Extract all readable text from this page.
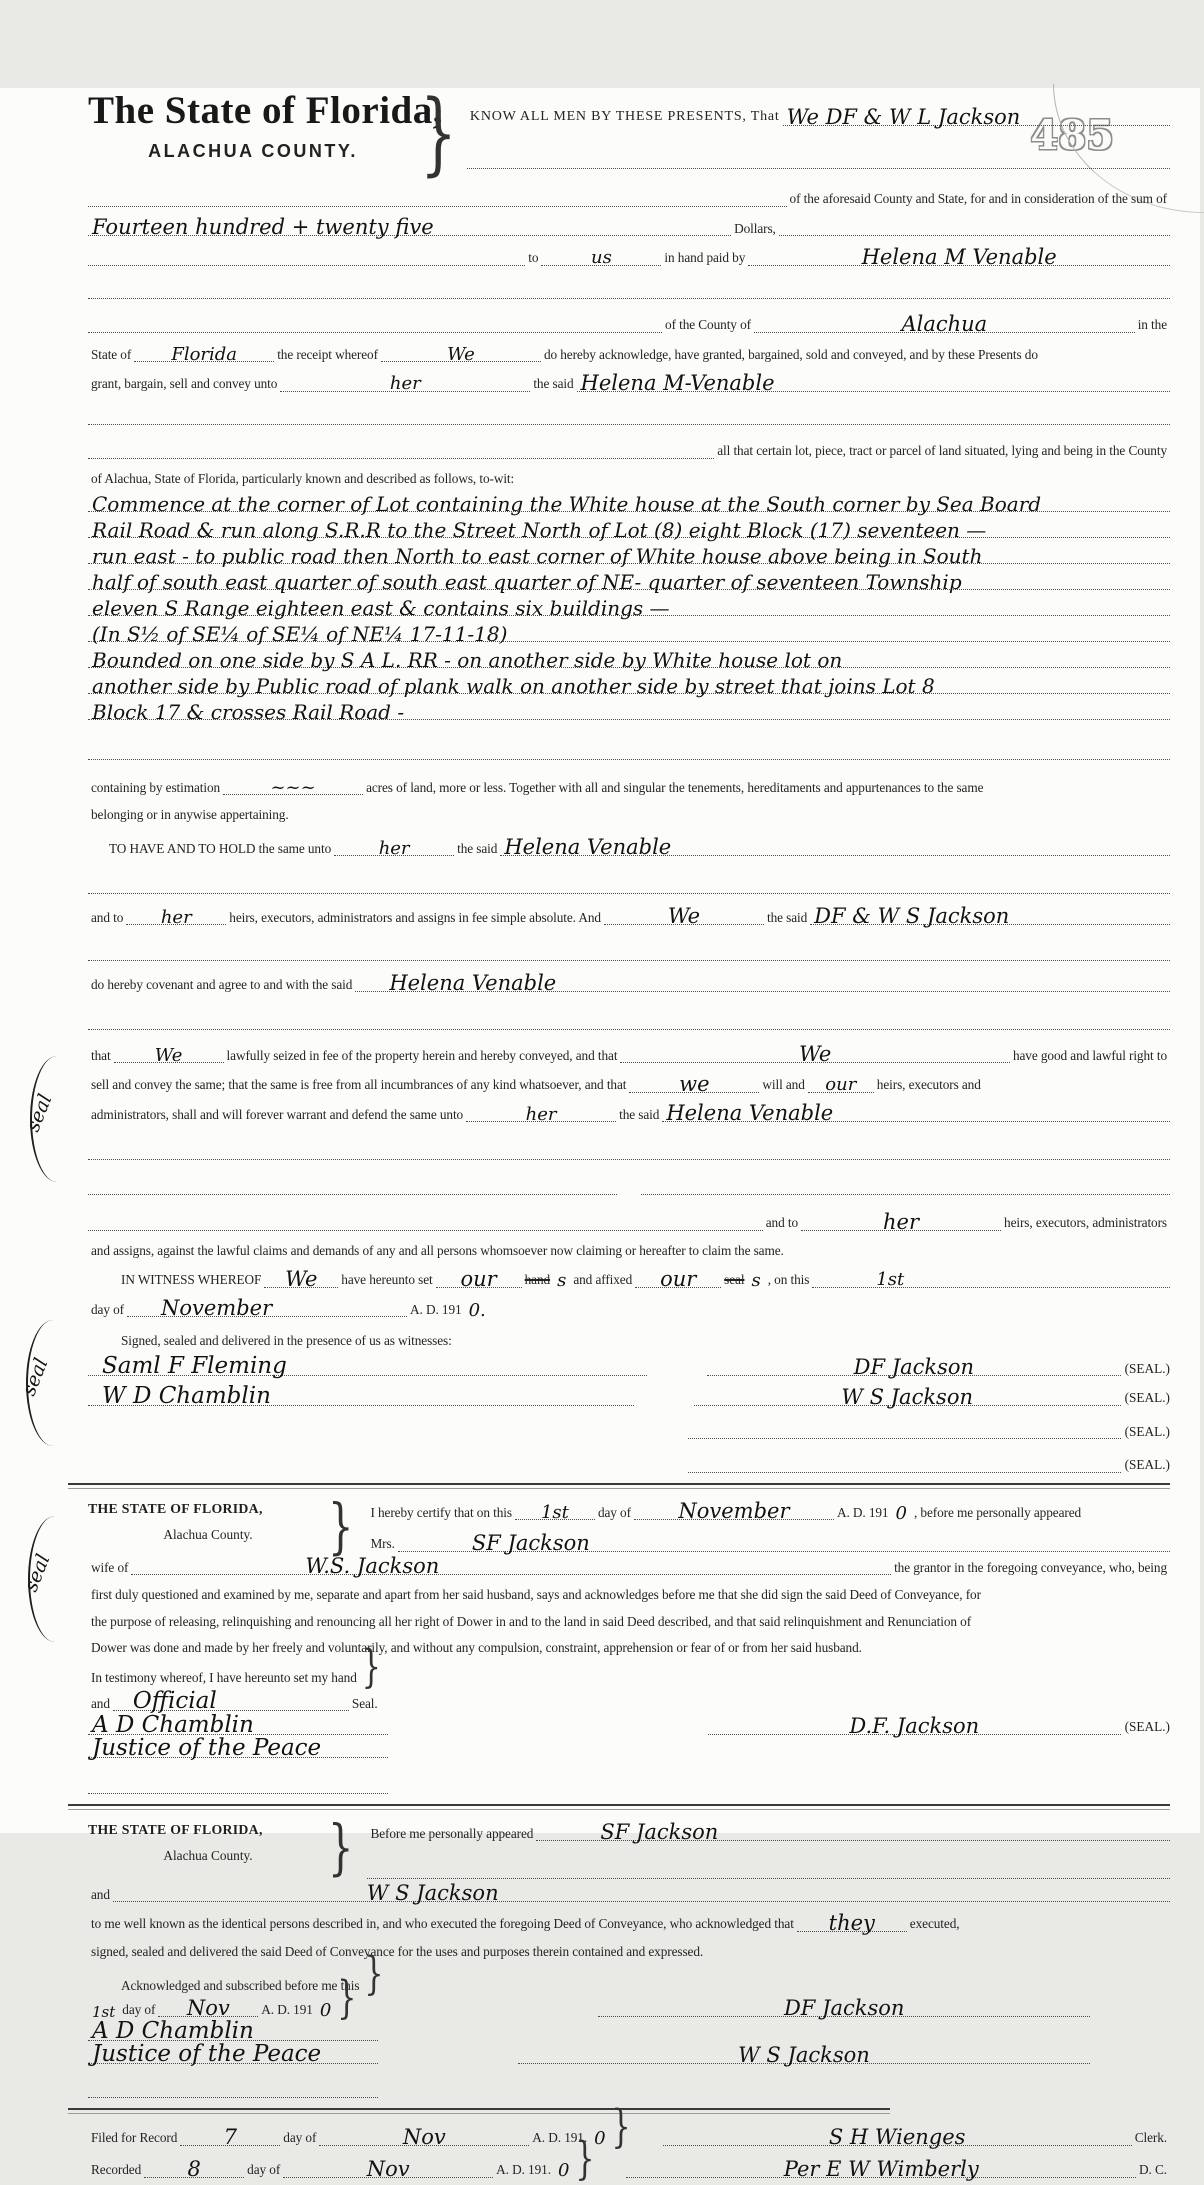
485
seal
seal
seal
The State of Florida,
ALACHUA COUNTY.	} KNOW ALL MEN BY THESE PRESENTS, That We DF & W L Jackson
of the aforesaid County and State, for and in consideration of the sum of
Fourteen hundred + twenty five	Dollars,
to	us	in hand paid by	Helena M Venable
of the County of	Alachua	in the
State of Florida	the receipt whereof	We	do hereby acknowledge, have granted, bargained, sold and conveyed, and by these Presents do
grant, bargain, sell and convey unto	her	the said Helena M-Venable
all that certain lot, piece, tract or parcel of land situated, lying and being in the County
of Alachua, State of Florida, particularly known and described as follows, to-wit:
Commence at the corner of Lot containing the White house at the South corner by Sea Board
Rail Road & run along S.R.R to the Street North of Lot (8) eight Block (17) seventeen —
run east - to public road then North to east corner of White house above being in South
half of south east quarter of south east quarter of NE- quarter of seventeen Township
eleven S Range eighteen east & contains six buildings —
(In S½ of SE¼ of SE¼ of NE¼ 17-11-18)
Bounded on one side by S A L. RR - on another side by White house lot on
another side by Public road of plank walk on another side by street that joins Lot 8
Block 17 & crosses Rail Road -
containing by estimation	~~~	acres of land, more or less. Together with all and singular the tenements, hereditaments and appurtenances to the same
belonging or in anywise appertaining.
TO HAVE AND TO HOLD the same unto	her	the said Helena Venable
and to her	heirs, executors, administrators and assigns in fee simple absolute. And	We	the said DF & W S Jackson
do hereby covenant and agree to and with the said Helena Venable
that We	lawfully seized in fee of the property herein and hereby conveyed, and that	We	have good and lawful right to
sell and convey the same; that the same is free from all incumbrances of any kind whatsoever, and that	we	will and our	heirs, executors and
administrators, shall and will forever warrant and defend the same unto	her	the said Helena Venable
and to	her	heirs, executors, administrators
and assigns, against the lawful claims and demands of any and all persons whomsoever now claiming or hereafter to claim the same.
IN WITNESS WHEREOF We	have hereunto set our	hand s and affixed our	seal s , on this	1st
day of November	A. D. 191 0.
Signed, sealed and delivered in the presence of us as witnesses:
Saml F Fleming	DF Jackson	(SEAL.)
W D Chamblin	W S Jackson	(SEAL.)
(SEAL.)
(SEAL.)
THE STATE OF FLORIDA,
Alachua County.	} I hereby certify that on this 1st	day of November	A. D. 191 0 , before me personally appeared
Mrs.	SF Jackson
wife of	W.S. Jackson	the grantor in the foregoing conveyance, who, being
first duly questioned and examined by me, separate and apart from her said husband, says and acknowledges before me that she did sign the said Deed of Conveyance, for
the purpose of releasing, relinquishing and renouncing all her right of Dower in and to the land in said Deed described, and that said relinquishment and Renunciation of
Dower was done and made by her freely and voluntarily, and without any compulsion, constraint, apprehension or fear of or from her said husband.
In testimony whereof, I have hereunto set my hand }
and Official	Seal.
A D Chamblin	D.F. Jackson	(SEAL.)
Justice of the Peace
THE STATE OF FLORIDA,
Alachua County.	} Before me personally appeared	SF Jackson
and	W S Jackson
to me well known as the identical persons described in, and who executed the foregoing Deed of Conveyance, who acknowledged that they	executed,
signed, sealed and delivered the said Deed of Conveyance for the uses and purposes therein contained and expressed.
Acknowledged and subscribed before me this }
1st day of Nov	A. D. 191 0 }	DF Jackson
A D Chamblin
Justice of the Peace	W S Jackson
Filed for Record 7	day of	Nov	A. D. 191. 0 }	S H Wienges	Clerk.
Recorded 8	day of	Nov	A. D. 191. 0 }	Per E W Wimberly	D. C.
